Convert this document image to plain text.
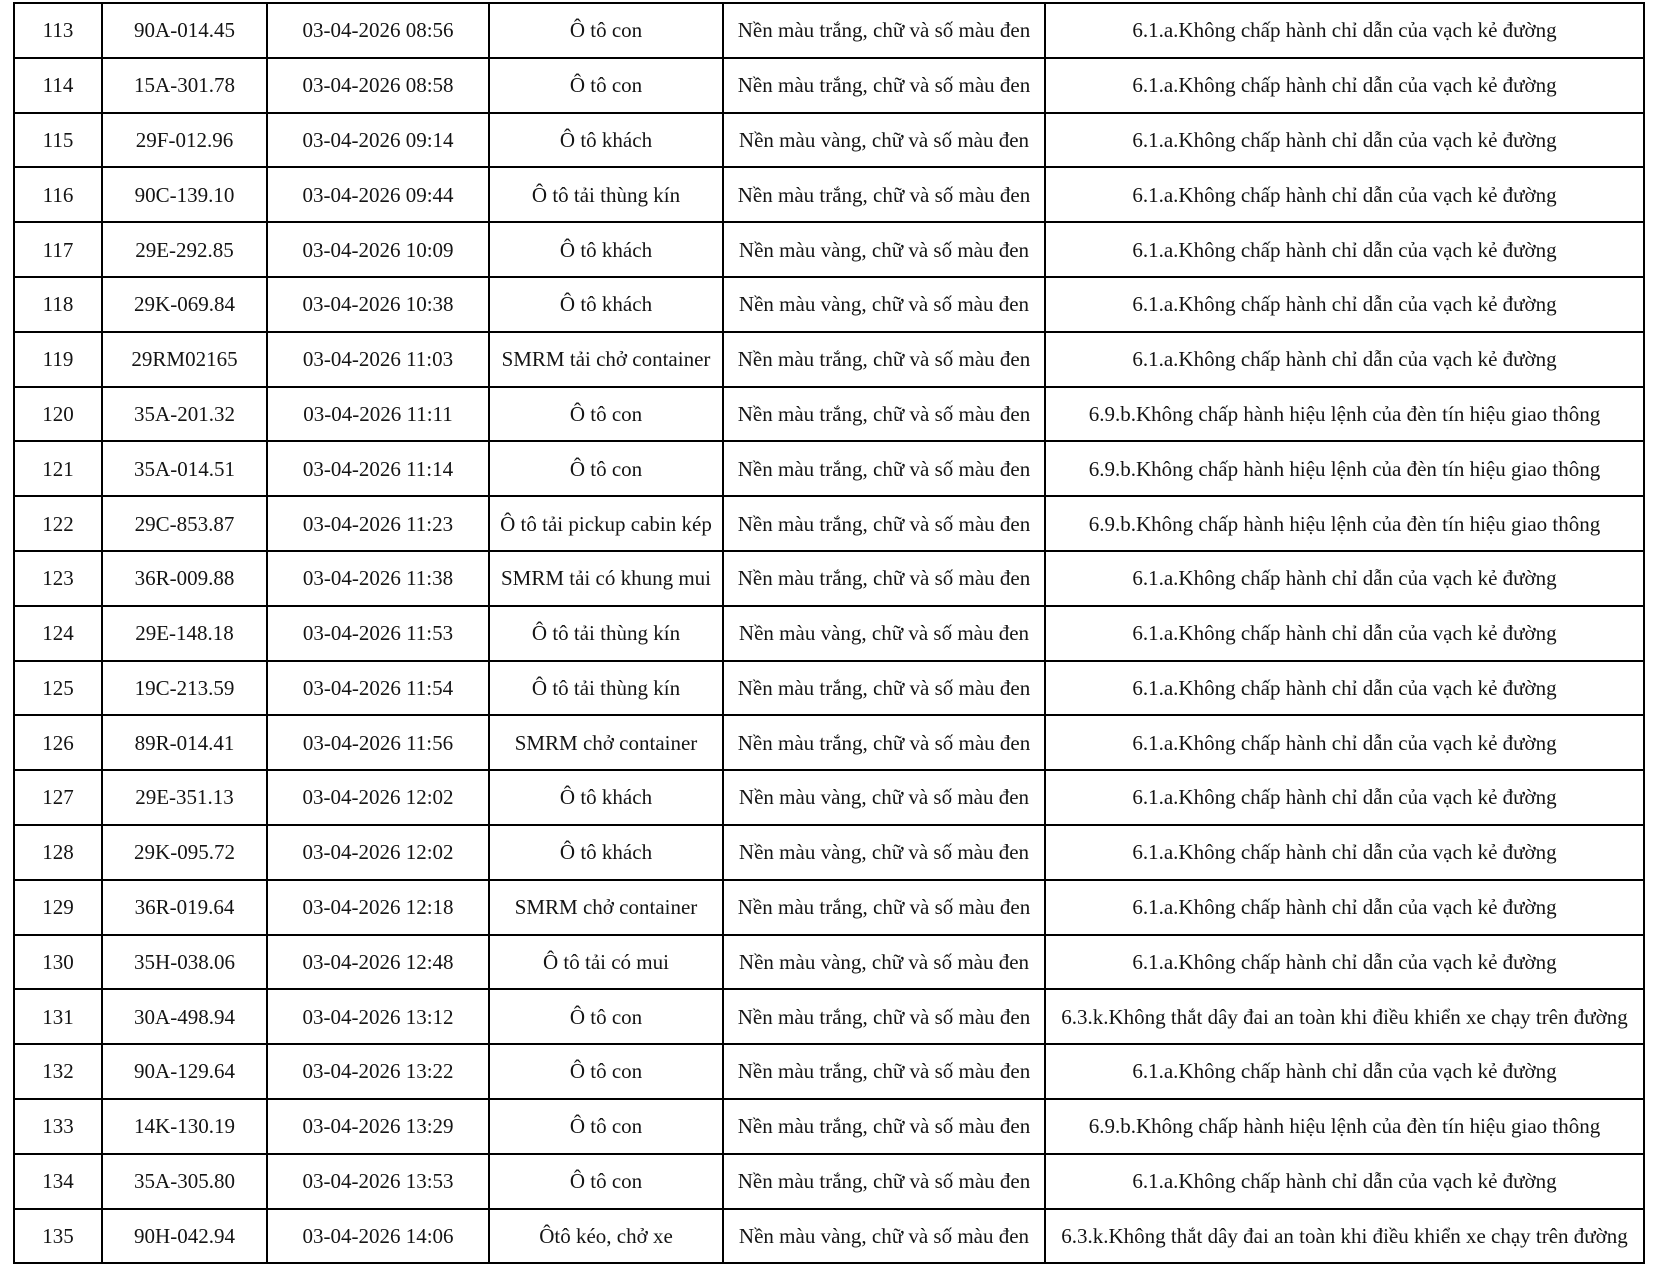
113	90A-014.45	03-04-2026 08:56	Ô tô con	Nền màu trắng, chữ và số màu đen	6.1.a.Không chấp hành chỉ dẫn của vạch kẻ đường
114	15A-301.78	03-04-2026 08:58	Ô tô con	Nền màu trắng, chữ và số màu đen	6.1.a.Không chấp hành chỉ dẫn của vạch kẻ đường
115	29F-012.96	03-04-2026 09:14	Ô tô khách	Nền màu vàng, chữ và số màu đen	6.1.a.Không chấp hành chỉ dẫn của vạch kẻ đường
116	90C-139.10	03-04-2026 09:44	Ô tô tải thùng kín	Nền màu trắng, chữ và số màu đen	6.1.a.Không chấp hành chỉ dẫn của vạch kẻ đường
117	29E-292.85	03-04-2026 10:09	Ô tô khách	Nền màu vàng, chữ và số màu đen	6.1.a.Không chấp hành chỉ dẫn của vạch kẻ đường
118	29K-069.84	03-04-2026 10:38	Ô tô khách	Nền màu vàng, chữ và số màu đen	6.1.a.Không chấp hành chỉ dẫn của vạch kẻ đường
119	29RM02165	03-04-2026 11:03	SMRM tải chở container	Nền màu trắng, chữ và số màu đen	6.1.a.Không chấp hành chỉ dẫn của vạch kẻ đường
120	35A-201.32	03-04-2026 11:11	Ô tô con	Nền màu trắng, chữ và số màu đen	6.9.b.Không chấp hành hiệu lệnh của đèn tín hiệu giao thông
121	35A-014.51	03-04-2026 11:14	Ô tô con	Nền màu trắng, chữ và số màu đen	6.9.b.Không chấp hành hiệu lệnh của đèn tín hiệu giao thông
122	29C-853.87	03-04-2026 11:23	Ô tô tải pickup cabin kép	Nền màu trắng, chữ và số màu đen	6.9.b.Không chấp hành hiệu lệnh của đèn tín hiệu giao thông
123	36R-009.88	03-04-2026 11:38	SMRM tải có khung mui	Nền màu trắng, chữ và số màu đen	6.1.a.Không chấp hành chỉ dẫn của vạch kẻ đường
124	29E-148.18	03-04-2026 11:53	Ô tô tải thùng kín	Nền màu vàng, chữ và số màu đen	6.1.a.Không chấp hành chỉ dẫn của vạch kẻ đường
125	19C-213.59	03-04-2026 11:54	Ô tô tải thùng kín	Nền màu trắng, chữ và số màu đen	6.1.a.Không chấp hành chỉ dẫn của vạch kẻ đường
126	89R-014.41	03-04-2026 11:56	SMRM chở container	Nền màu trắng, chữ và số màu đen	6.1.a.Không chấp hành chỉ dẫn của vạch kẻ đường
127	29E-351.13	03-04-2026 12:02	Ô tô khách	Nền màu vàng, chữ và số màu đen	6.1.a.Không chấp hành chỉ dẫn của vạch kẻ đường
128	29K-095.72	03-04-2026 12:02	Ô tô khách	Nền màu vàng, chữ và số màu đen	6.1.a.Không chấp hành chỉ dẫn của vạch kẻ đường
129	36R-019.64	03-04-2026 12:18	SMRM chở container	Nền màu trắng, chữ và số màu đen	6.1.a.Không chấp hành chỉ dẫn của vạch kẻ đường
130	35H-038.06	03-04-2026 12:48	Ô tô tải có mui	Nền màu vàng, chữ và số màu đen	6.1.a.Không chấp hành chỉ dẫn của vạch kẻ đường
131	30A-498.94	03-04-2026 13:12	Ô tô con	Nền màu trắng, chữ và số màu đen	6.3.k.Không thắt dây đai an toàn khi điều khiển xe chạy trên đường
132	90A-129.64	03-04-2026 13:22	Ô tô con	Nền màu trắng, chữ và số màu đen	6.1.a.Không chấp hành chỉ dẫn của vạch kẻ đường
133	14K-130.19	03-04-2026 13:29	Ô tô con	Nền màu trắng, chữ và số màu đen	6.9.b.Không chấp hành hiệu lệnh của đèn tín hiệu giao thông
134	35A-305.80	03-04-2026 13:53	Ô tô con	Nền màu trắng, chữ và số màu đen	6.1.a.Không chấp hành chỉ dẫn của vạch kẻ đường
135	90H-042.94	03-04-2026 14:06	Ôtô kéo, chở xe	Nền màu vàng, chữ và số màu đen	6.3.k.Không thắt dây đai an toàn khi điều khiển xe chạy trên đường
